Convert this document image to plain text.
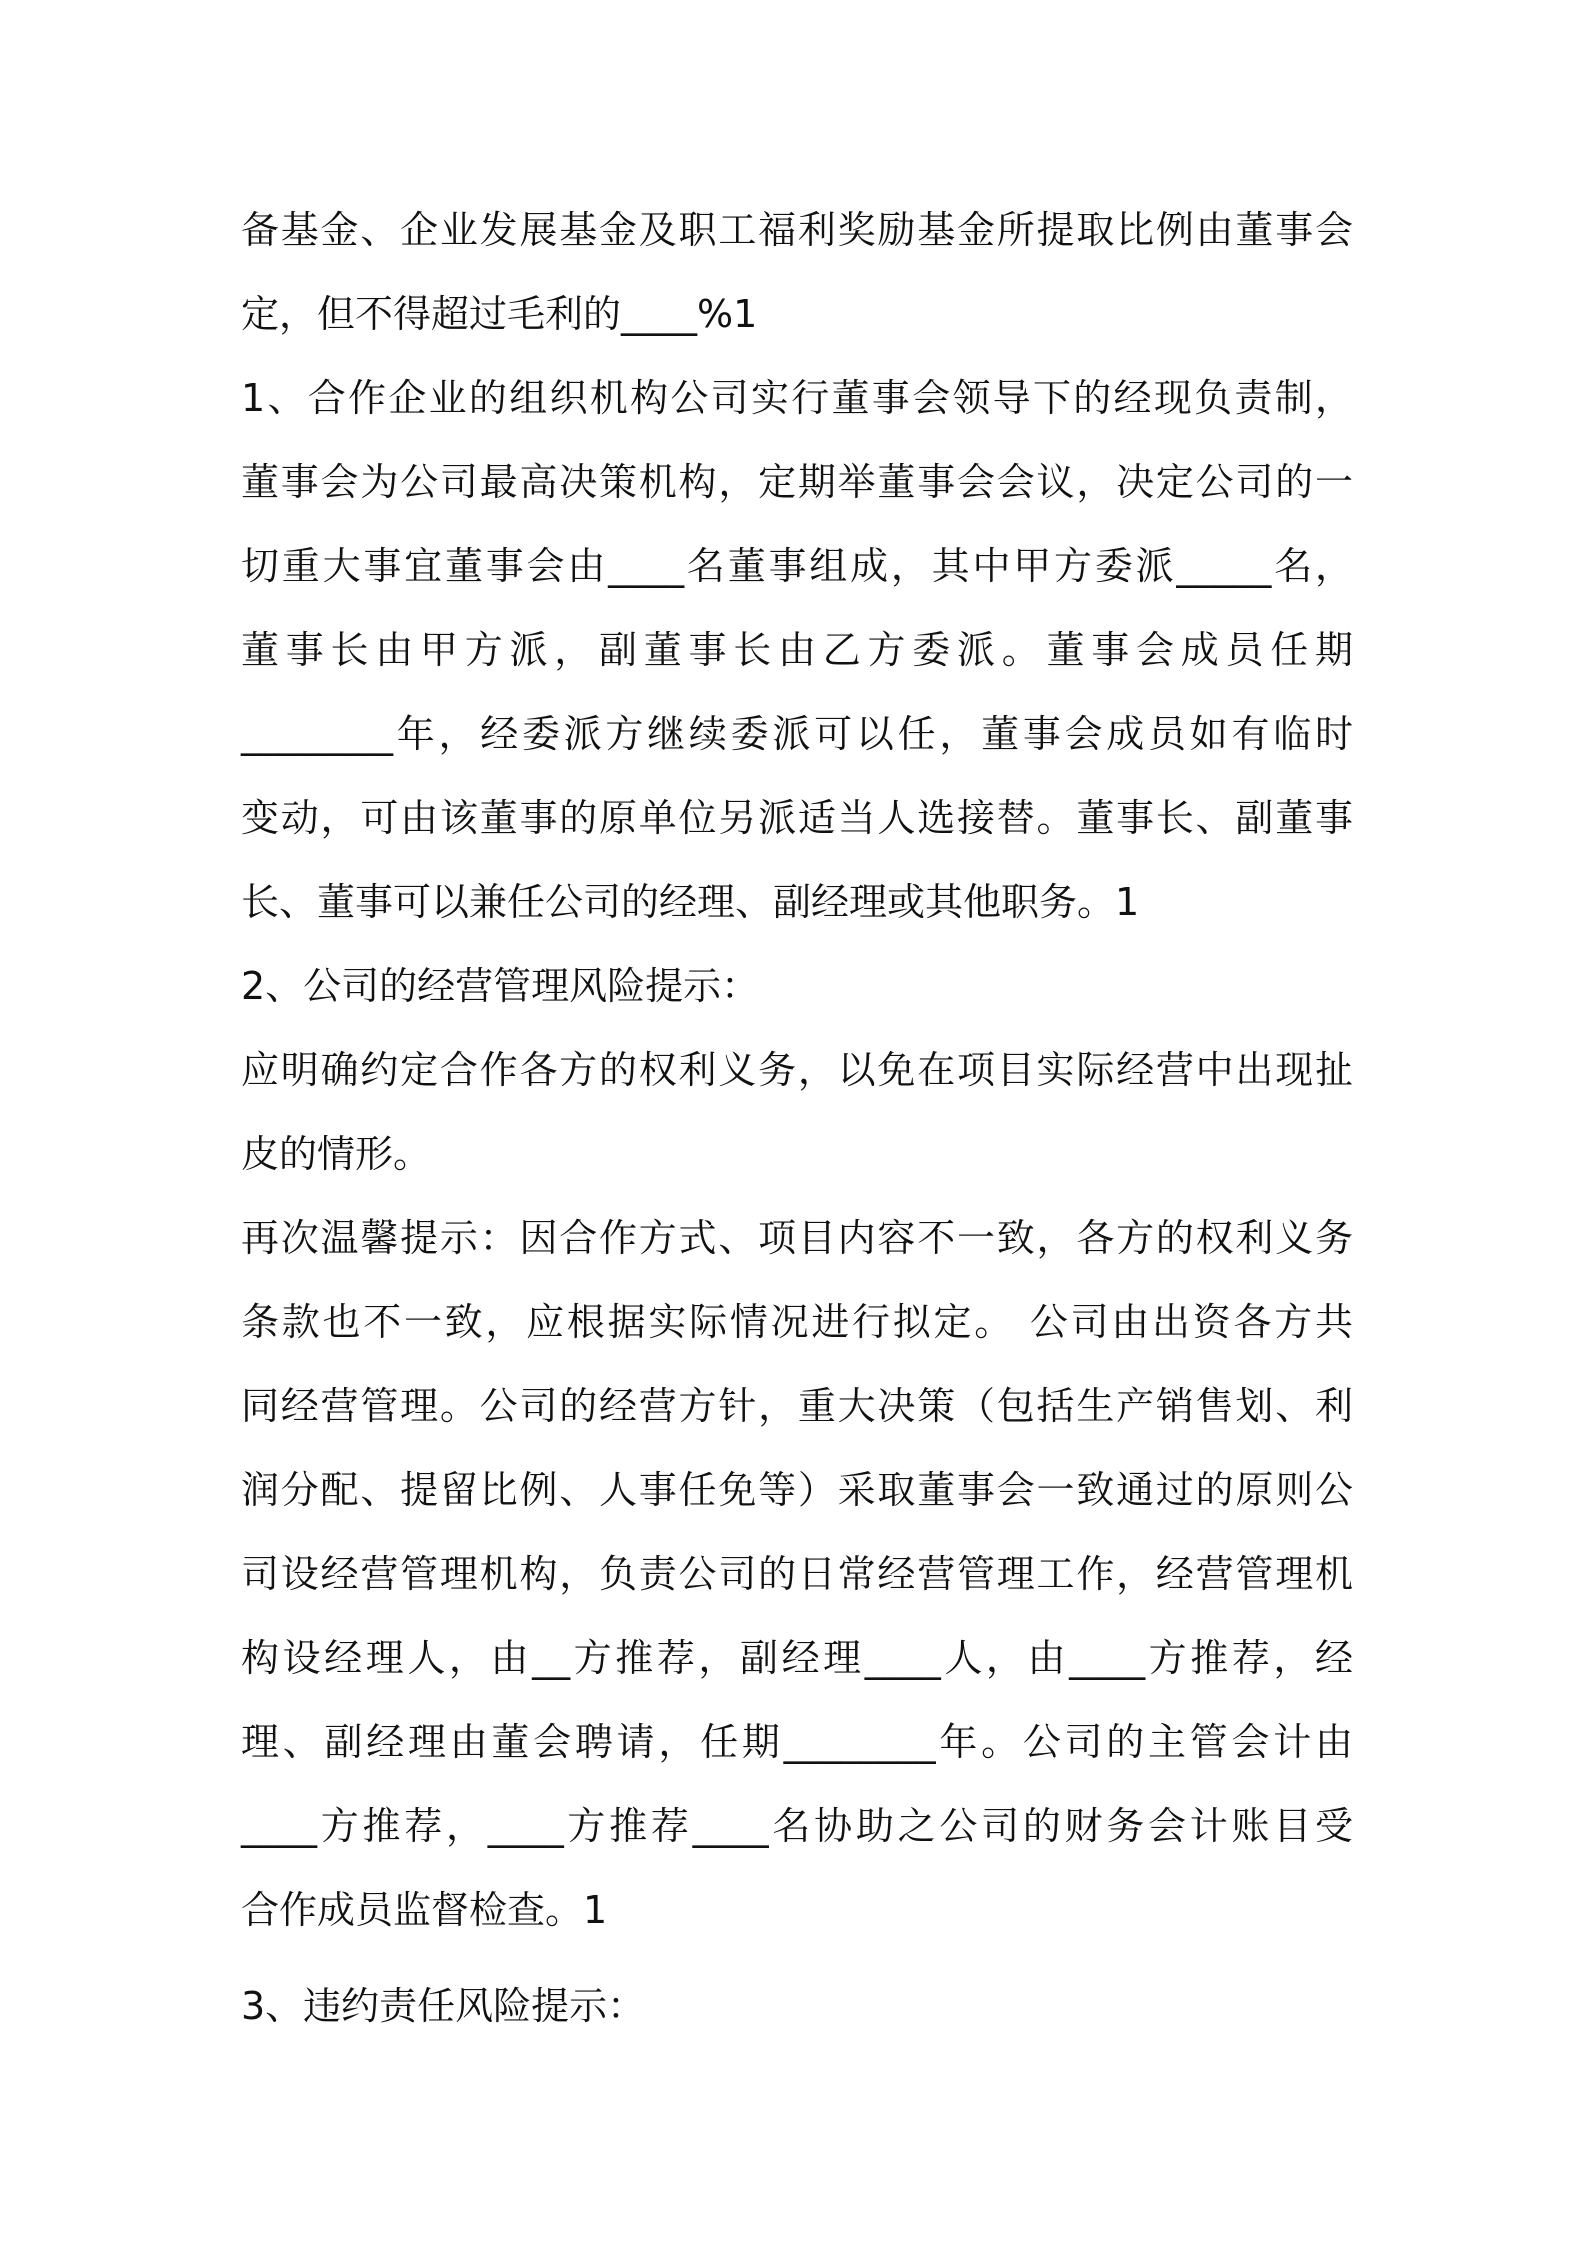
备基金、企业发展基金及职工福利奖励基金所提取比例由董事会
定，但不得超过毛利的____%1
1、合作企业的组织机构公司实行董事会领导下的经现负责制，
董事会为公司最高决策机构，定期举董事会会议，决定公司的一
切重大事宜董事会由____名董事组成，其中甲方委派_____名，
董事长由甲方派，副董事长由乙方委派。董事会成员任期
________年，经委派方继续委派可以任，董事会成员如有临时
变动，可由该董事的原单位另派适当人选接替。董事长、副董事
长、董事可以兼任公司的经理、副经理或其他职务。1
2、公司的经营管理风险提示：
应明确约定合作各方的权利义务，以免在项目实际经营中出现扯
皮的情形。
再次温馨提示：因合作方式、项目内容不一致，各方的权利义务
条款也不一致，应根据实际情况进行拟定。 公司由出资各方共
同经营管理。公司的经营方针，重大决策（包括生产销售划、利
润分配、提留比例、人事任免等）采取董事会一致通过的原则公
司设经营管理机构，负责公司的日常经营管理工作，经营管理机
构设经理人，由__方推荐，副经理____人，由____方推荐，经
理、副经理由董会聘请，任期________年。公司的主管会计由
____方推荐，____方推荐____名协助之公司的财务会计账目受
合作成员监督检查。1
3、违约责任风险提示：
